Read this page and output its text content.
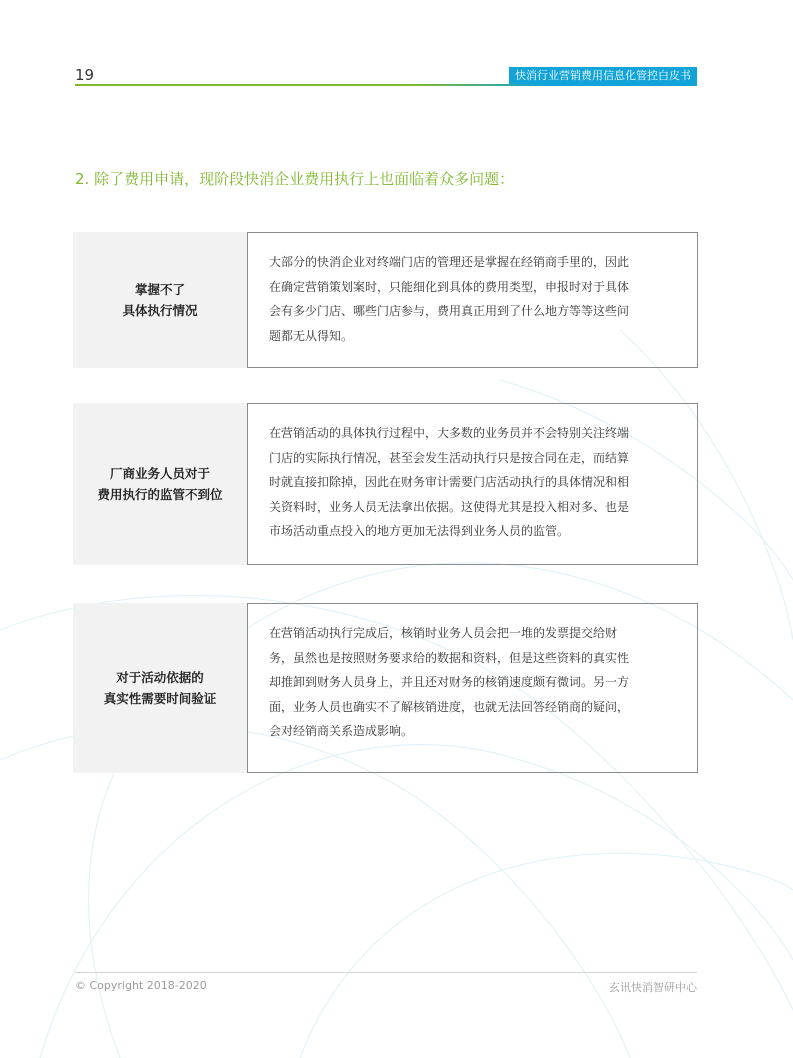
19	快消行业营销费用信息化管控白皮书
2. 除了费用申请，现阶段快消企业费用执行上也面临着众多问题：
掌握不了
具体执行情况
大部分的快消企业对终端门店的管理还是掌握在经销商手里的，因此
在确定营销策划案时，只能细化到具体的费用类型，申报时对于具体
会有多少门店、哪些门店参与，费用真正用到了什么地方等等这些问
题都无从得知。
厂商业务人员对于
费用执行的监管不到位
在营销活动的具体执行过程中，大多数的业务员并不会特别关注终端
门店的实际执行情况，甚至会发生活动执行只是按合同在走，而结算
时就直接扣除掉，因此在财务审计需要门店活动执行的具体情况和相
关资料时，业务人员无法拿出依据。这使得尤其是投入相对多、也是
市场活动重点投入的地方更加无法得到业务人员的监管。
对于活动依据的
真实性需要时间验证
在营销活动执行完成后，核销时业务人员会把一堆的发票提交给财
务，虽然也是按照财务要求给的数据和资料，但是这些资料的真实性
却推卸到财务人员身上，并且还对财务的核销速度颇有微词。另一方
面，业务人员也确实不了解核销进度，也就无法回答经销商的疑问，
会对经销商关系造成影响。
© Copyright 2018-2020	玄讯快消智研中心
